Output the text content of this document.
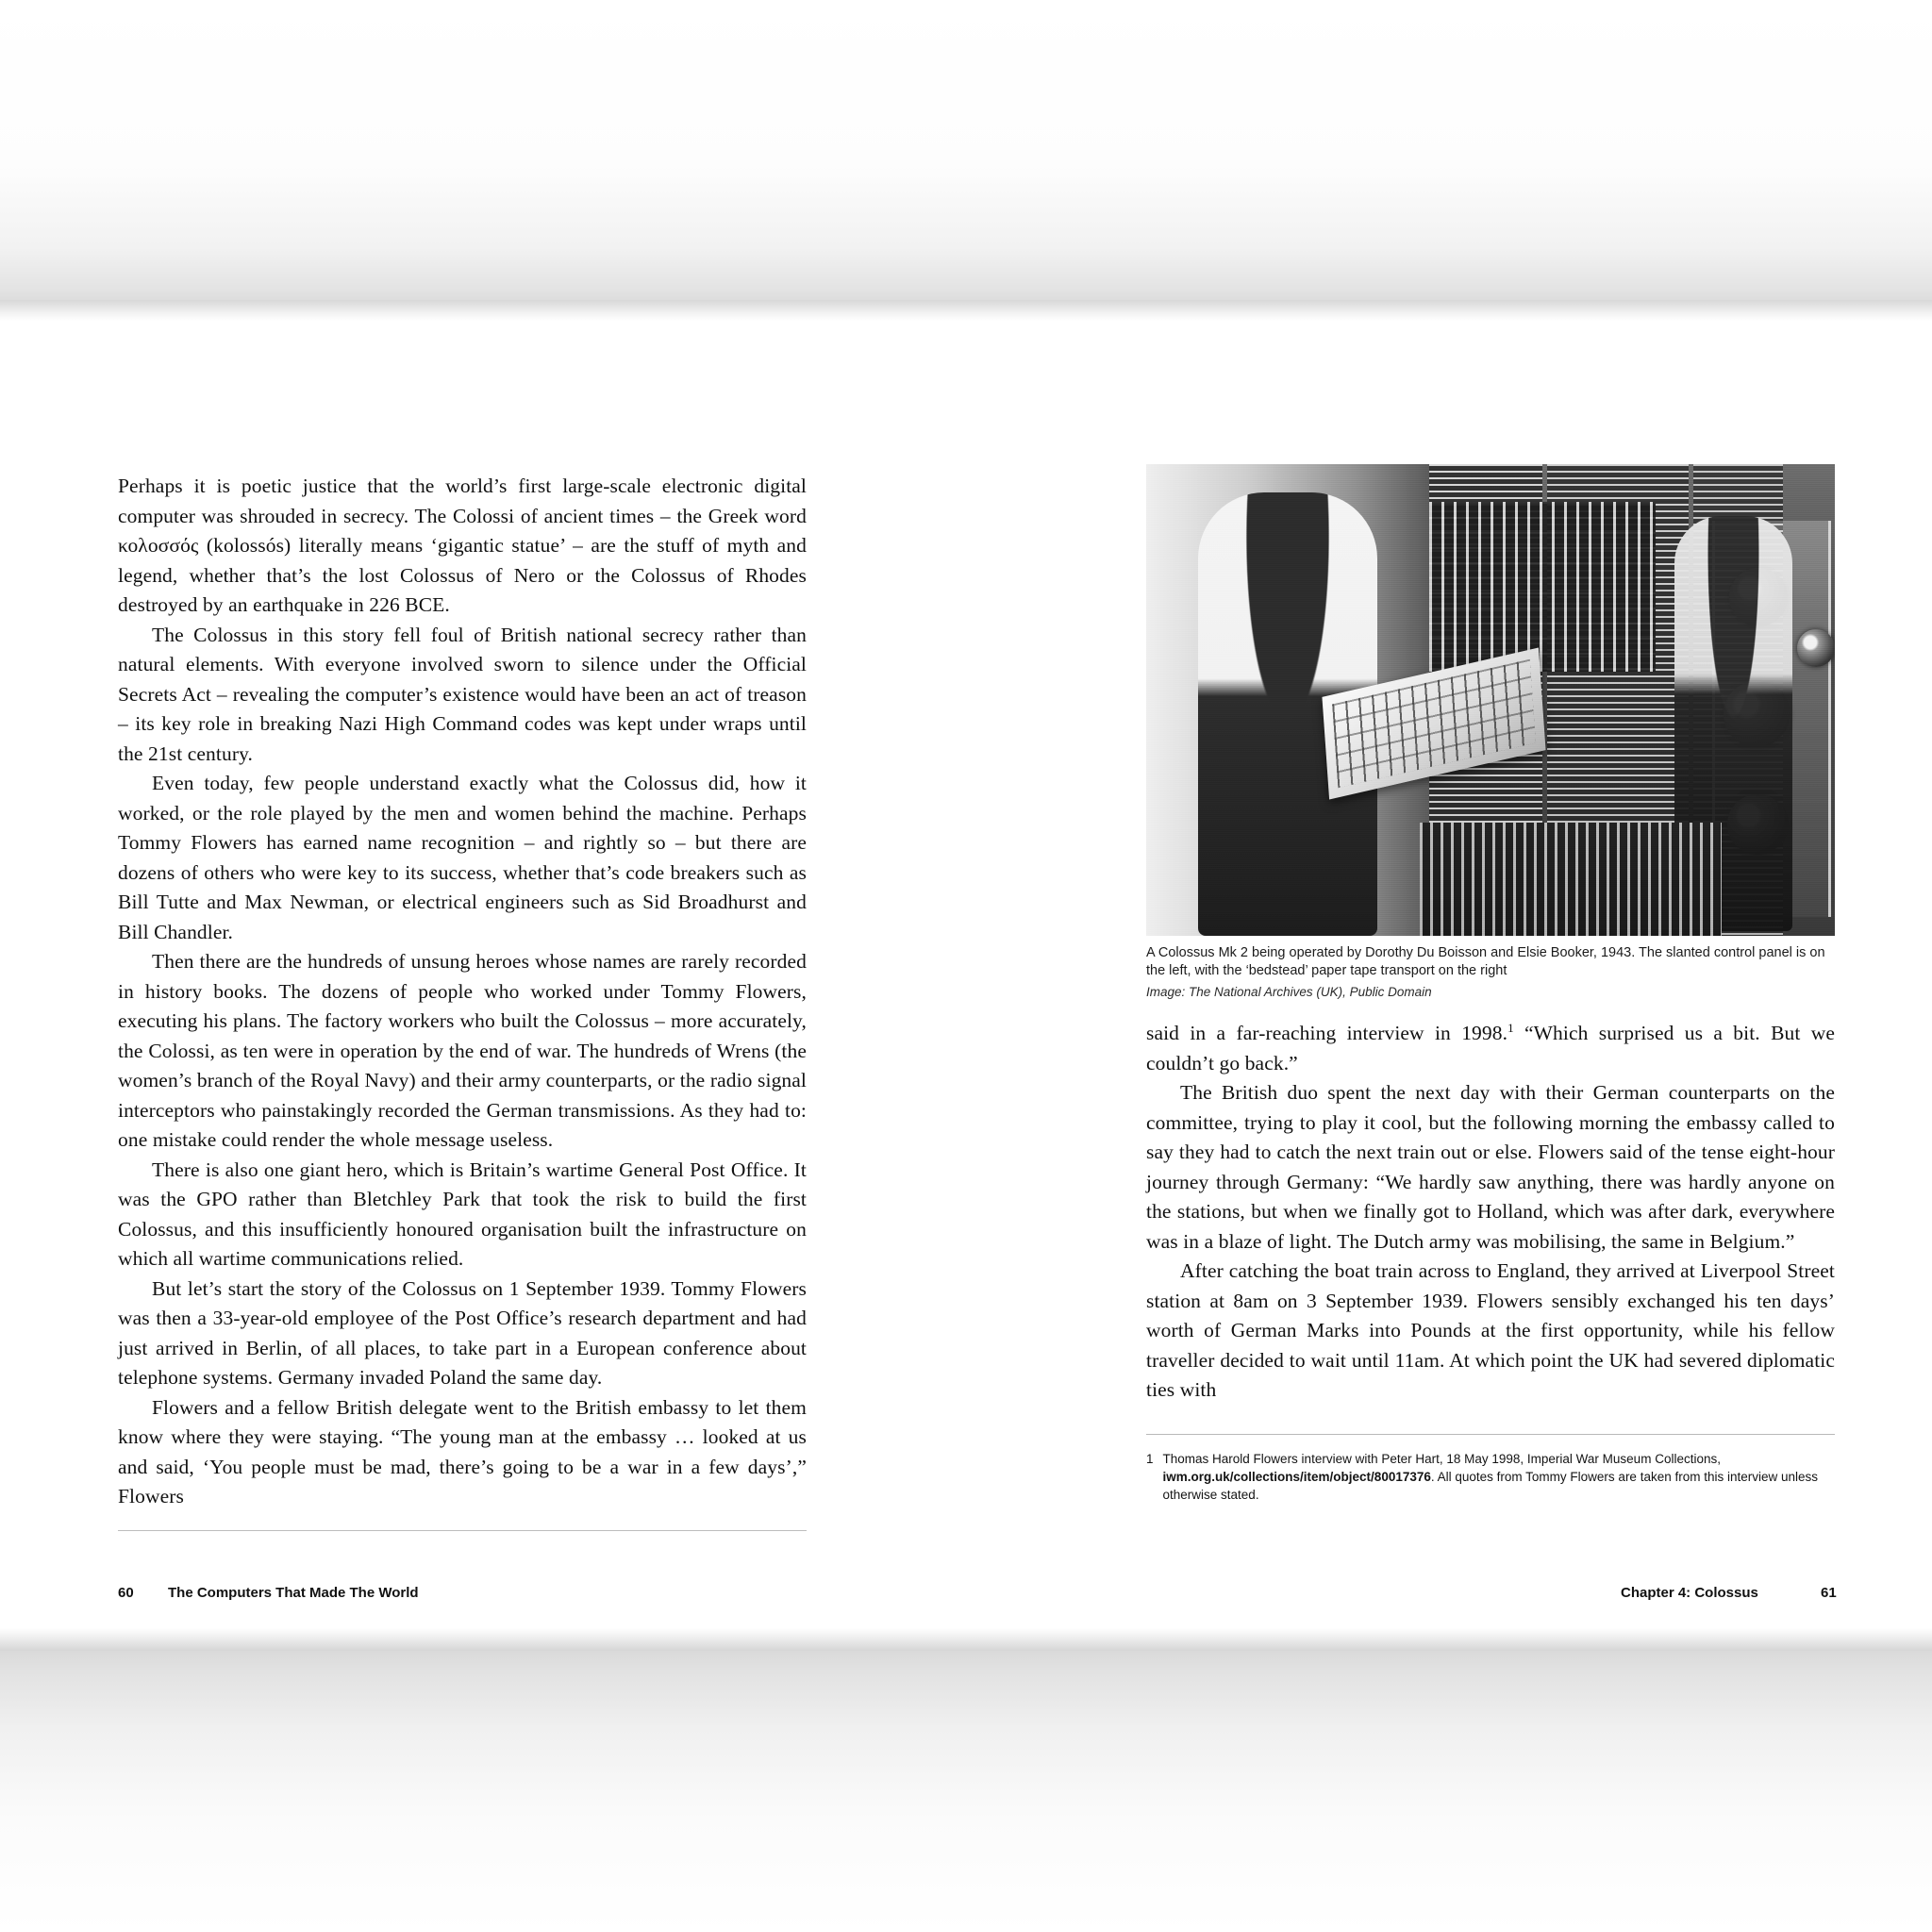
Perhaps it is poetic justice that the world’s first large-scale electronic digital computer was shrouded in secrecy. The Colossi of ancient times – the Greek word κολοσσός (kolossós) literally means ‘gigantic statue’ – are the stuff of myth and legend, whether that’s the lost Colossus of Nero or the Colossus of Rhodes destroyed by an earthquake in 226 BCE.

The Colossus in this story fell foul of British national secrecy rather than natural elements. With everyone involved sworn to silence under the Official Secrets Act – revealing the computer’s existence would have been an act of treason – its key role in breaking Nazi High Command codes was kept under wraps until the 21st century.

Even today, few people understand exactly what the Colossus did, how it worked, or the role played by the men and women behind the machine. Perhaps Tommy Flowers has earned name recognition – and rightly so – but there are dozens of others who were key to its success, whether that’s code breakers such as Bill Tutte and Max Newman, or electrical engineers such as Sid Broadhurst and Bill Chandler.

Then there are the hundreds of unsung heroes whose names are rarely recorded in history books. The dozens of people who worked under Tommy Flowers, executing his plans. The factory workers who built the Colossus – more accurately, the Colossi, as ten were in operation by the end of war. The hundreds of Wrens (the women’s branch of the Royal Navy) and their army counterparts, or the radio signal interceptors who painstakingly recorded the German transmissions. As they had to: one mistake could render the whole message useless.

There is also one giant hero, which is Britain’s wartime General Post Office. It was the GPO rather than Bletchley Park that took the risk to build the first Colossus, and this insufficiently honoured organisation built the infrastructure on which all wartime communications relied.

But let’s start the story of the Colossus on 1 September 1939. Tommy Flowers was then a 33-year-old employee of the Post Office’s research department and had just arrived in Berlin, of all places, to take part in a European conference about telephone systems. Germany invaded Poland the same day.

Flowers and a fellow British delegate went to the British embassy to let them know where they were staying. “The young man at the embassy … looked at us and said, ‘You people must be mad, there’s going to be a war in a few days’,” Flowers

60 The Computers That Made The World
A Colossus Mk 2 being operated by Dorothy Du Boisson and Elsie Booker, 1943. The slanted control panel is on the left, with the ‘bedstead’ paper tape transport on the right
Image: The National Archives (UK), Public Domain

said in a far-reaching interview in 1998.$^1$ “Which surprised us a bit. But we couldn’t go back.”

The British duo spent the next day with their German counterparts on the committee, trying to play it cool, but the following morning the embassy called to say they had to catch the next train out or else. Flowers said of the tense eight-hour journey through Germany: “We hardly saw anything, there was hardly anyone on the stations, but when we finally got to Holland, which was after dark, everywhere was in a blaze of light. The Dutch army was mobilising, the same in Belgium.”

After catching the boat train across to England, they arrived at Liverpool Street station at 8am on 3 September 1939. Flowers sensibly exchanged his ten days’ worth of German Marks into Pounds at the first opportunity, while his fellow traveller decided to wait until 11am. At which point the UK had severed diplomatic ties with

1 Thomas Harold Flowers interview with Peter Hart, 18 May 1998, Imperial War Museum Collections, iwm.org.uk/collections/item/object/80017376. All quotes from Tommy Flowers are taken from this interview unless otherwise stated.
Chapter 4: Colossus	61
